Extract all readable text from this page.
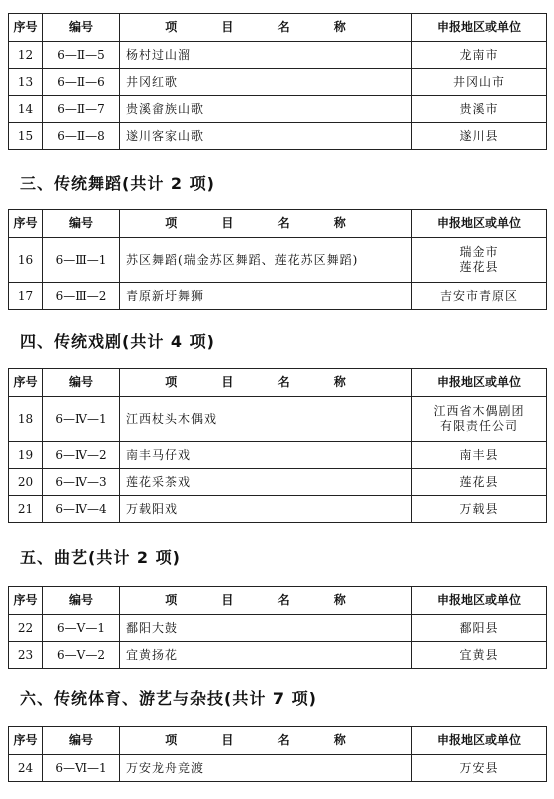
序号	编号	项 目 名 称	申报地区或单位
12	6—Ⅱ—5	杨村过山溜	龙南市

13	6—Ⅱ—6	井冈红歌	井冈山市

14	6—Ⅱ—7	贵溪畲族山歌	贵溪市

15	6—Ⅱ—8	遂川客家山歌	遂川县
三、传统舞蹈(共计 2 项)
序号	编号	项 目 名 称	申报地区或单位
16	6—Ⅲ—1	苏区舞蹈(瑞金苏区舞蹈、莲花苏区舞蹈)	瑞金市
莲花县

17	6—Ⅲ—2	青原新圩舞狮	吉安市青原区
四、传统戏剧(共计 4 项)
序号	编号	项 目 名 称	申报地区或单位
18	6—Ⅳ—1	江西杖头木偶戏	江西省木偶剧团
有限责任公司

19	6—Ⅳ—2	南丰马仔戏	南丰县

20	6—Ⅳ—3	莲花采茶戏	莲花县

21	6—Ⅳ—4	万载阳戏	万载县
五、曲艺(共计 2 项)
序号	编号	项 目 名 称	申报地区或单位
22	6—Ⅴ—1	鄱阳大鼓	鄱阳县

23	6—Ⅴ—2	宜黄扬花	宜黄县
六、传统体育、游艺与杂技(共计 7 项)
序号	编号	项 目 名 称	申报地区或单位
24	6—Ⅵ—1	万安龙舟竞渡	万安县
